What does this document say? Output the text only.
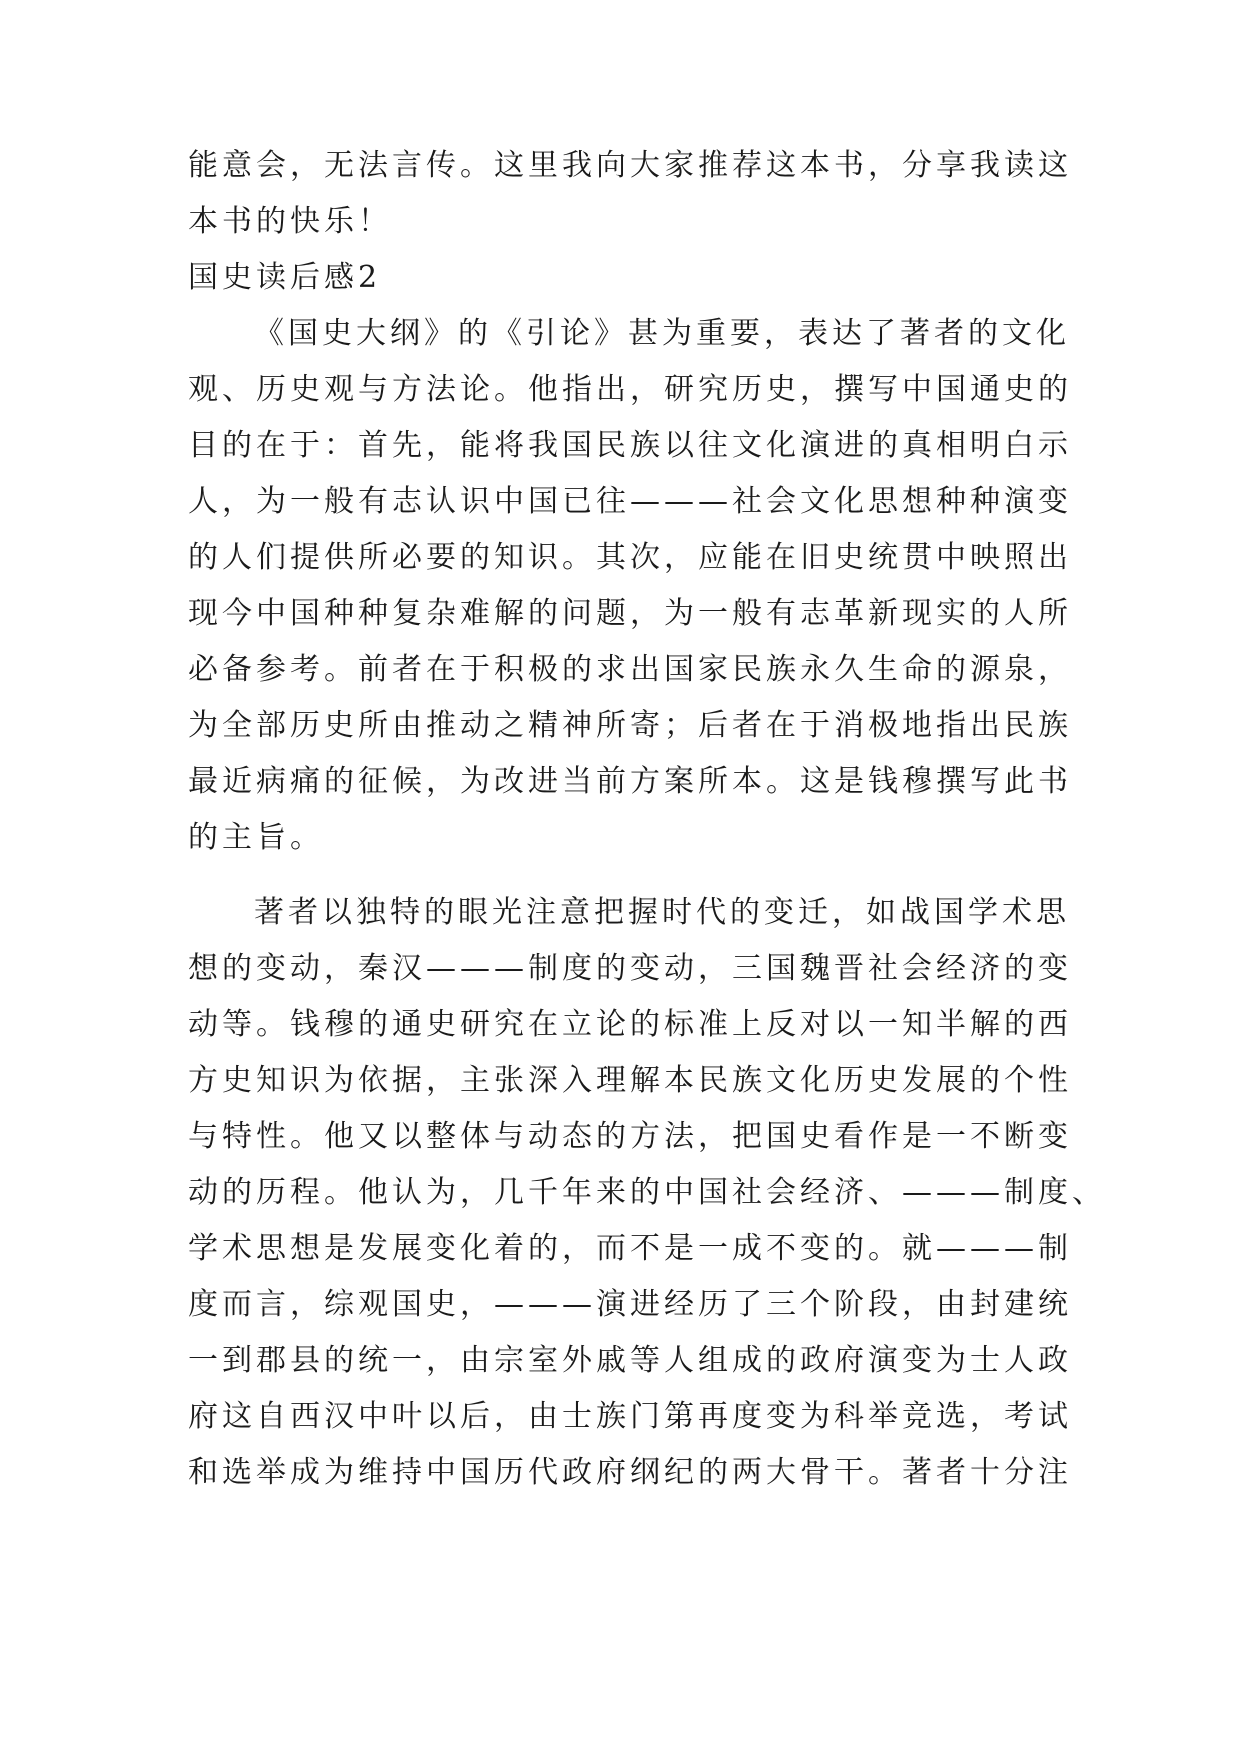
能意会，无法言传。这里我向大家推荐这本书，分享我读这
本书的快乐！
国史读后感2
《国史大纲》的《引论》甚为重要，表达了著者的文化
观、历史观与方法论。他指出，研究历史，撰写中国通史的
目的在于：首先，能将我国民族以往文化演进的真相明白示
人，为一般有志认识中国已往———社会文化思想种种演变
的人们提供所必要的知识。其次，应能在旧史统贯中映照出
现今中国种种复杂难解的问题，为一般有志革新现实的人所
必备参考。前者在于积极的求出国家民族永久生命的源泉，
为全部历史所由推动之精神所寄；后者在于消极地指出民族
最近病痛的征候，为改进当前方案所本。这是钱穆撰写此书
的主旨。
著者以独特的眼光注意把握时代的变迁，如战国学术思
想的变动，秦汉———制度的变动，三国魏晋社会经济的变
动等。钱穆的通史研究在立论的标准上反对以一知半解的西
方史知识为依据，主张深入理解本民族文化历史发展的个性
与特性。他又以整体与动态的方法，把国史看作是一不断变
动的历程。他认为，几千年来的中国社会经济、———制度、
学术思想是发展变化着的，而不是一成不变的。就———制
度而言，综观国史，———演进经历了三个阶段，由封建统
一到郡县的统一，由宗室外戚等人组成的政府演变为士人政
府这自西汉中叶以后，由士族门第再度变为科举竞选，考试
和选举成为维持中国历代政府纲纪的两大骨干。著者十分注
